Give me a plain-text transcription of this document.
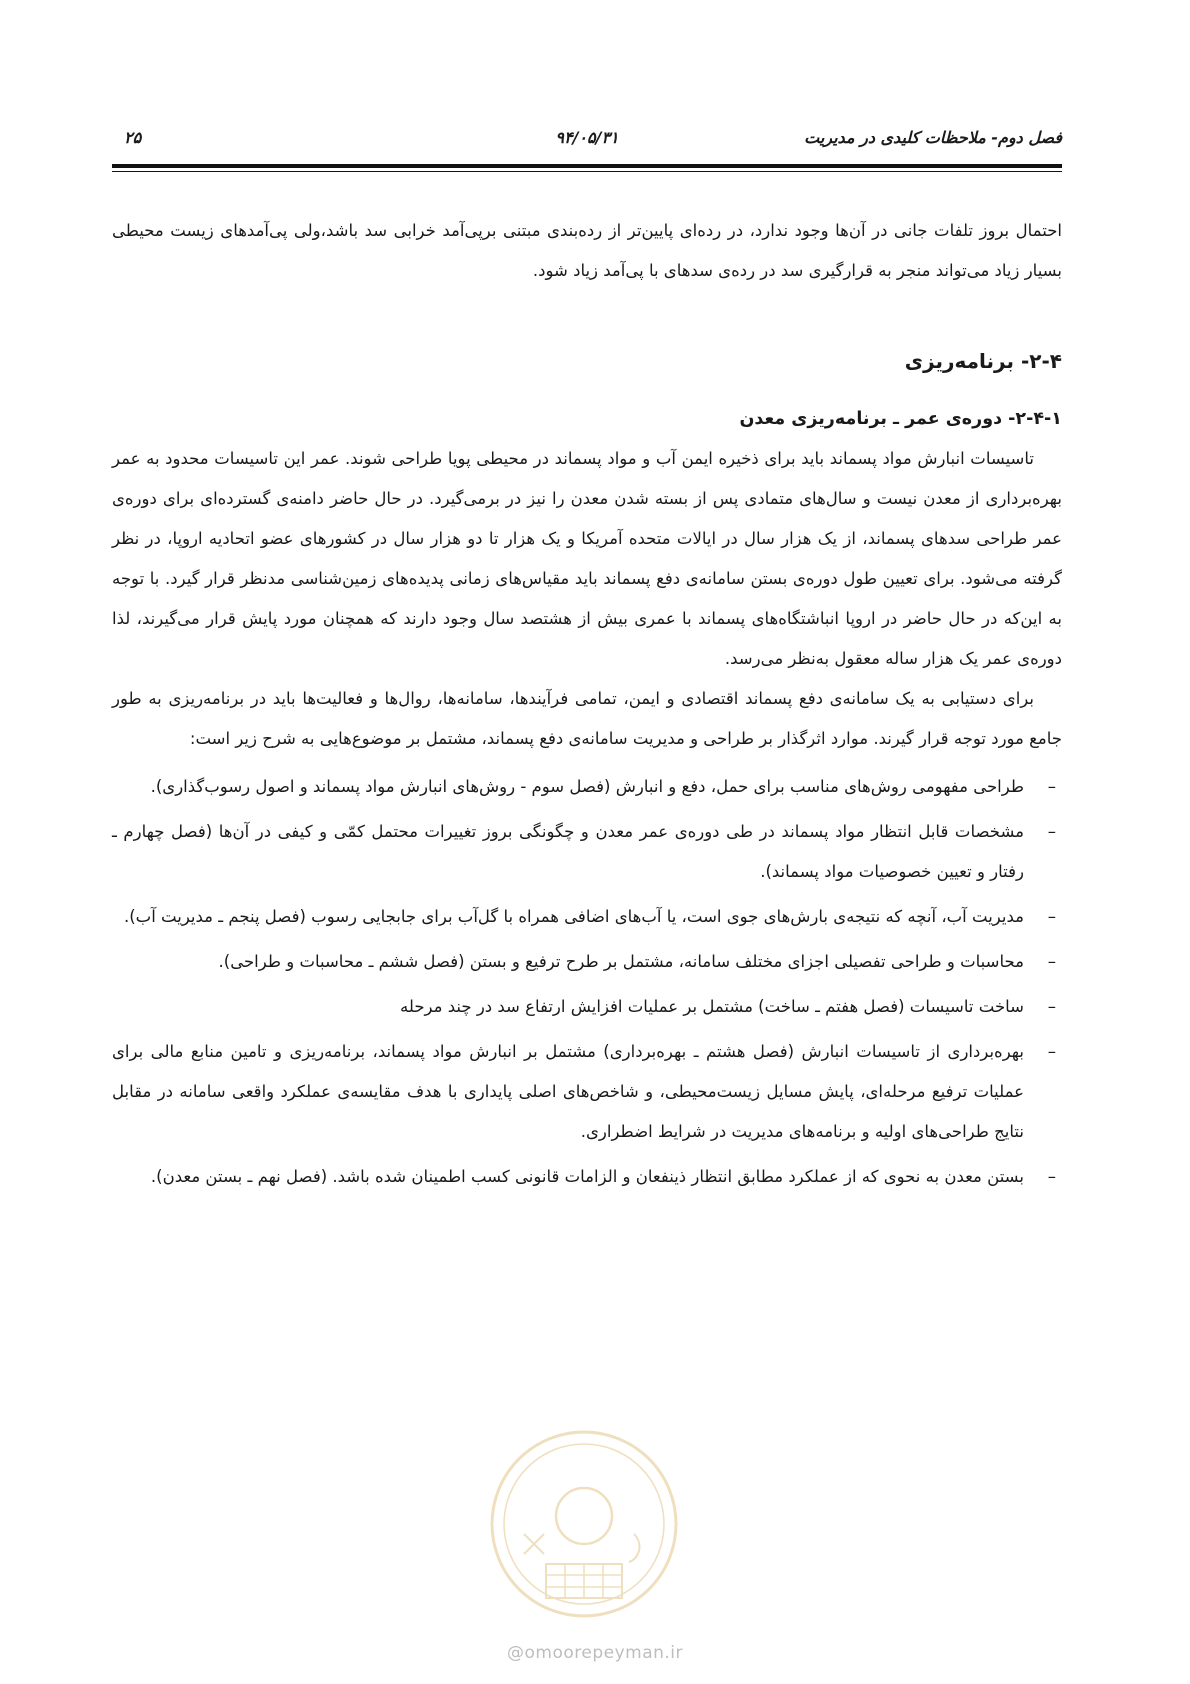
فصل دوم- ملاحظات کلیدی در مدیریت
۹۴/۰۵/۳۱
۲۵

احتمال بروز تلفات جانی در آن‌ها وجود ندارد، در رده‌ای پایین‌تر از رده‌بندی مبتنی برپی‌آمد خرابی سد باشد،ولی پی‌آمدهای زیست محیطی بسیار زیاد می‌تواند منجر به قرارگیری سد در رده‌ی سدهای با پی‌آمد زیاد شود.

۲-۴- برنامه‌ریزی
۲-۴-۱- دوره‌ی عمر ـ برنامه‌ریزی معدن

تاسیسات انبارش مواد پسماند باید برای ذخیره ایمن آب و مواد پسماند در محیطی پویا طراحی شوند. عمر این تاسیسات محدود به عمر بهره‌برداری از معدن نیست و سال‌های متمادی پس از بسته شدن معدن را نیز در برمی‌گیرد. در حال حاضر دامنه‌ی گسترده‌ای برای دوره‌ی عمر طراحی سدهای پسماند، از یک هزار سال در ایالات متحده آمریکا و یک هزار تا دو هزار سال در کشورهای عضو اتحادیه اروپا، در نظر گرفته می‌شود. برای تعیین طول دوره‌ی بستن سامانه‌ی دفع پسماند باید مقیاس‌های زمانی پدیده‌های زمین‌شناسی مدنظر قرار گیرد. با توجه به این‌که در حال حاضر در اروپا انباشتگاه‌های پسماند با عمری بیش از هشتصد سال وجود دارند که همچنان مورد پایش قرار می‌گیرند، لذا دوره‌ی عمر یک هزار ساله معقول به‌نظر می‌رسد.

برای دستیابی به یک سامانه‌ی دفع پسماند اقتصادی و ایمن، تمامی فرآیندها، سامانه‌ها، روال‌ها و فعالیت‌ها باید در برنامه‌ریزی به طور جامع مورد توجه قرار گیرند. موارد اثرگذار بر طراحی و مدیریت سامانه‌ی دفع پسماند، مشتمل بر موضوع‌هایی به شرح زیر است:

–
طراحی مفهومی روش‌های مناسب برای حمل، دفع و انبارش (فصل سوم - روش‌های انبارش مواد پسماند و اصول رسوب‌گذاری).
–
مشخصات قابل انتظار مواد پسماند در طی دوره‌ی عمر معدن و چگونگی بروز تغییرات محتمل کمّی و کیفی در آن‌ها (فصل چهارم ـ رفتار و تعیین خصوصیات مواد پسماند).
–
مدیریت آب، آنچه که نتیجه‌ی بارش‌های جوی است، یا آب‌های اضافی همراه با گل‌آب برای جابجایی رسوب (فصل پنجم ـ مدیریت آب).
–
محاسبات و طراحی تفصیلی اجزای مختلف سامانه، مشتمل بر طرح ترفیع و بستن (فصل ششم ـ محاسبات و طراحی).
–
ساخت تاسیسات (فصل هفتم ـ ساخت) مشتمل بر عملیات افزایش ارتفاع سد در چند مرحله
–
بهره‌برداری از تاسیسات انبارش (فصل هشتم ـ بهره‌برداری) مشتمل بر انبارش مواد پسماند، برنامه‌ریزی و تامین منابع مالی برای عملیات ترفیع مرحله‌ای، پایش مسایل زیست‌محیطی، و شاخص‌های اصلی پایداری با هدف مقایسه‌ی عملکرد واقعی سامانه در مقابل نتایج طراحی‌های اولیه و برنامه‌های مدیریت در شرایط اضطراری.
–
بستن معدن به نحوی که از عملکرد مطابق انتظار ذینفعان و الزامات قانونی کسب اطمینان شده باشد. (فصل نهم ـ بستن معدن).
@omoorepeyman.ir
